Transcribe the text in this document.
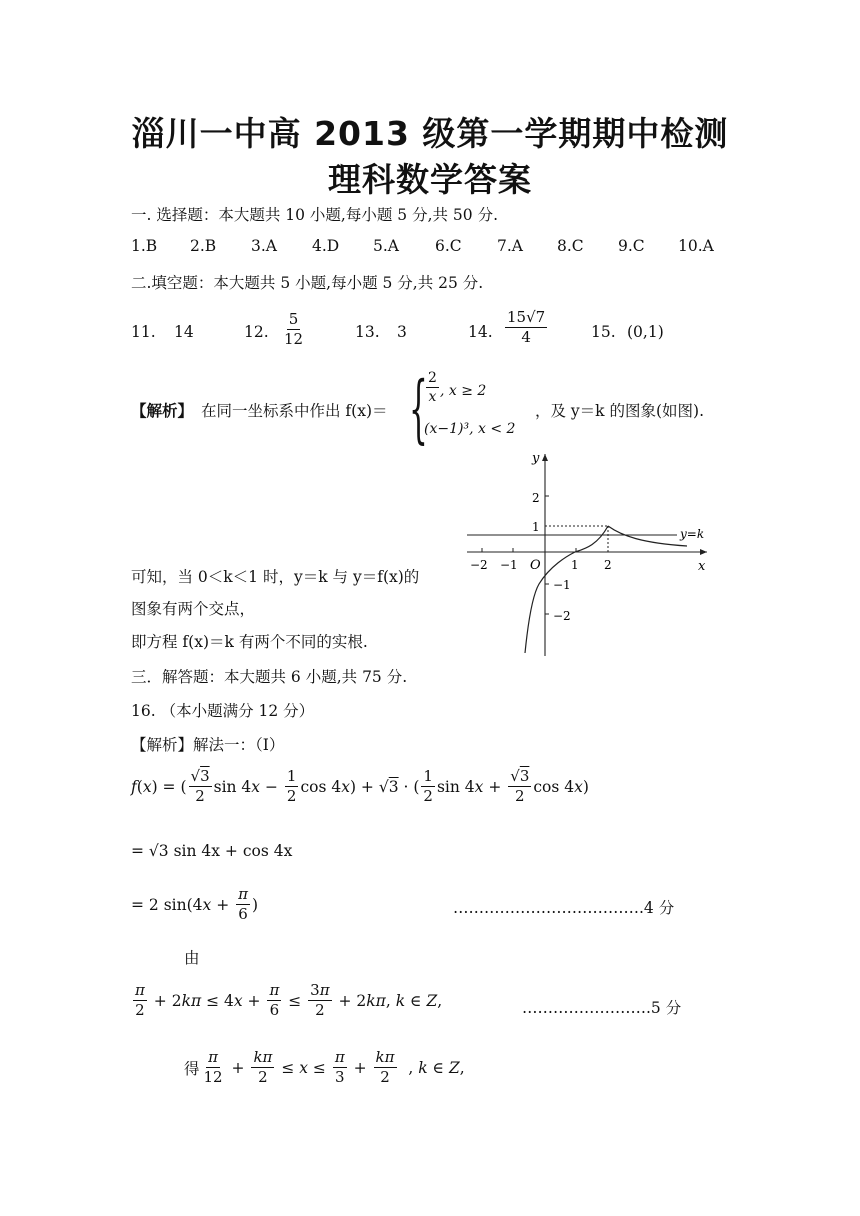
淄川一中高 2013 级第一学期期中检测
理科数学答案
一. 选择题：本大题共 10 小题,每小题 5 分,共 50 分.
1.B 2.B 3.A 4.D 5.A 6.C 7.A 8.C 9.C 10.A
二.填空题：本大题共 5 小题,每小题 5 分,共 25 分.
11. 14	12. $\frac{5}{12}$	13. 3	14. $\frac{15√7}{4}$	15. (0,1)
【解析】 在同一坐标系中作出 f(x)＝ {
$\frac{2}{x}$ , x ≥ 2
(x−1)³, x < 2
，及 y＝k 的图象(如图).
y
x
O
y=k
2
1
−1
−2
−2 −1	1 2
可知，当 0＜k＜1 时，y＝k 与 y＝f(x)的
图象有两个交点，
即方程 f(x)＝k 有两个不同的实根.
三．解答题：本大题共 6 小题,共 75 分.
16. （本小题满分 12 分）
【解析】解法一：（Ⅰ）
f ( x ) = ( $\frac{√3}{2}$ sin 4 $x - \frac{1}{2}$ cos 4 x ) + √ 3 · ( $\frac{1}{2}$ sin 4 $x + \frac{√3}{2}$ cos 4 x )
= √3 sin 4x + cos 4x
= 2 sin(4 $x + \frac{\pi}{6}$ )	……………………………….4 分
由
$\frac{\pi}{2} + 2$ kπ ≤ 4 $x + \frac{\pi}{6} \le \frac{3\pi}{2} + 2$ kπ , k ∈ Z ,	…………………….5 分
得 $\frac{\pi}{12} + \frac{k\pi}{2} \le x \le \frac{\pi}{3} + \frac{k\pi}{2}$ , k ∈ Z ,
